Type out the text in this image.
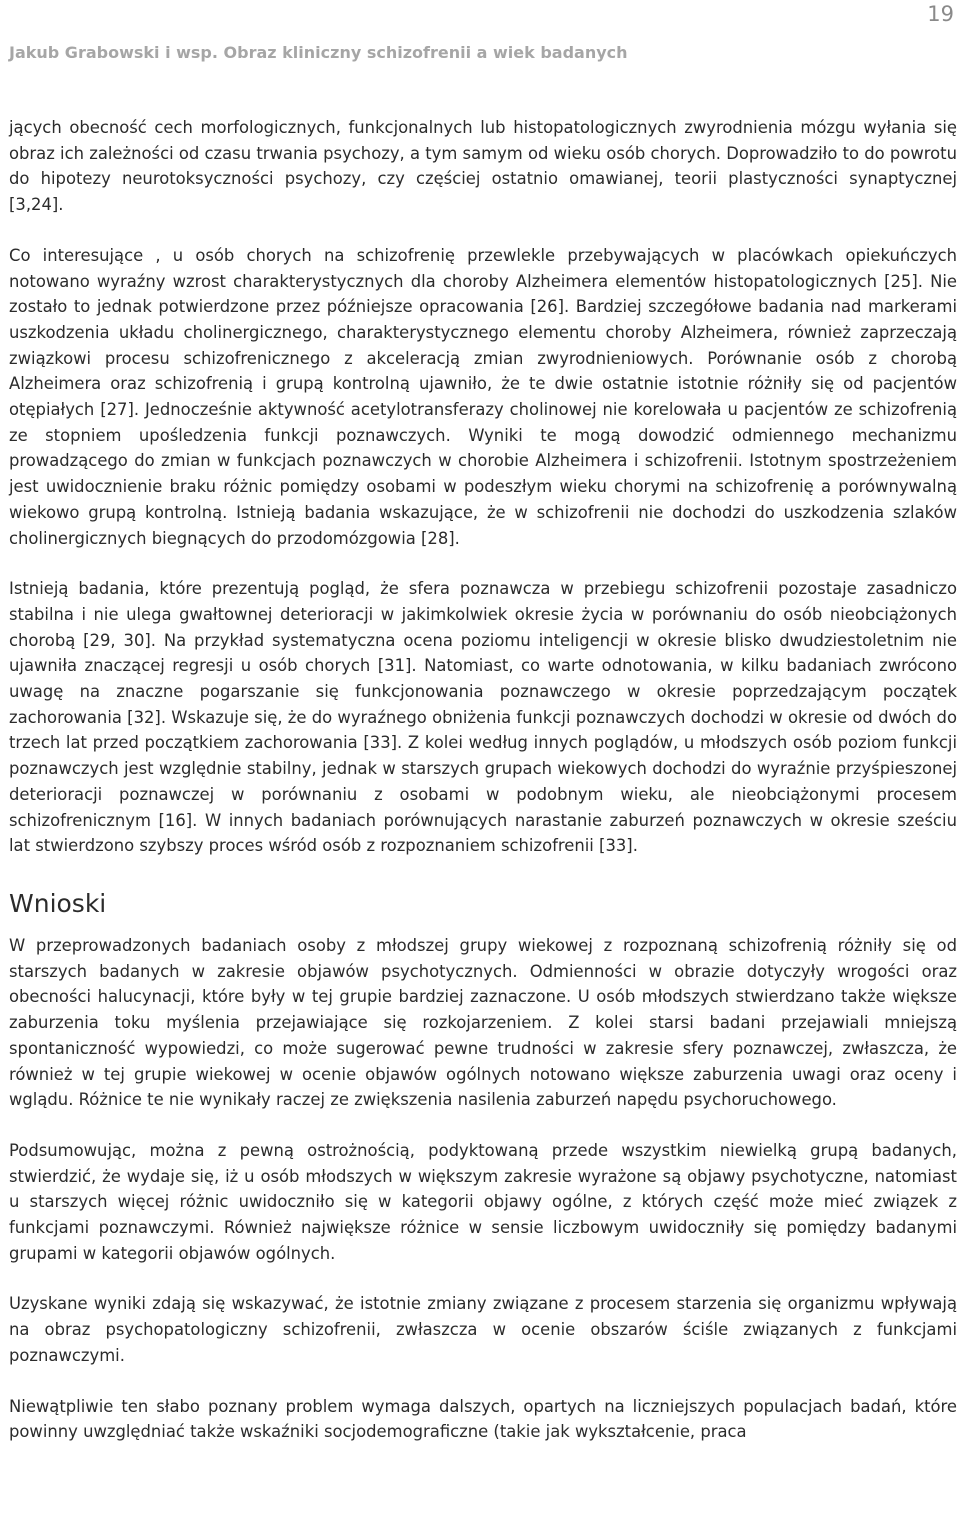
19
Jakub Grabowski i wsp. Obraz kliniczny schizofrenii a wiek badanych

jących obecność cech morfologicznych, funkcjonalnych lub histopatologicznych zwyrodnienia mózgu wyłania się obraz ich zależności od czasu trwania psychozy, a tym samym od wieku osób chorych. Doprowadziło to do powrotu do hipotezy neurotoksyczności psychozy, czy częściej ostatnio omawianej, teorii plastyczności synaptycznej [3,24].

Co interesujące , u osób chorych na schizofrenię przewlekle przebywających w placówkach opiekuńczych notowano wyraźny wzrost charakterystycznych dla choroby Alzheimera elementów histopatologicznych [25]. Nie zostało to jednak potwierdzone przez późniejsze opracowania [26]. Bardziej szczegółowe badania nad markerami uszkodzenia układu cholinergicznego, charakterystycznego elementu choroby Alzheimera, również zaprzeczają związkowi procesu schizofrenicznego z akceleracją zmian zwyrodnieniowych. Porównanie osób z chorobą Alzheimera oraz schizofrenią i grupą kontrolną ujawniło, że te dwie ostatnie istotnie różniły się od pacjentów otępiałych [27]. Jednocześnie aktywność acetylotransferazy cholinowej nie korelowała u pacjentów ze schizofrenią ze stopniem upośledzenia funkcji poznawczych. Wyniki te mogą dowodzić odmiennego mechanizmu prowadzącego do zmian w funkcjach poznawczych w chorobie Alzheimera i schizofrenii. Istotnym spostrzeżeniem jest uwidocznienie braku różnic pomiędzy osobami w podeszłym wieku chorymi na schizofrenię a porównywalną wiekowo grupą kontrolną. Istnieją badania wskazujące, że w schizofrenii nie dochodzi do uszkodzenia szlaków cholinergicznych biegnących do przodomózgowia [28].

Istnieją badania, które prezentują pogląd, że sfera poznawcza w przebiegu schizofrenii pozostaje zasadniczo stabilna i nie ulega gwałtownej deterioracji w jakimkolwiek okresie życia w porównaniu do osób nieobciążonych chorobą [29, 30]. Na przykład systematyczna ocena poziomu inteligencji w okresie blisko dwudziestoletnim nie ujawniła znaczącej regresji u osób chorych [31]. Natomiast, co warte odnotowania, w kilku badaniach zwrócono uwagę na znaczne pogarszanie się funkcjonowania poznawczego w okresie poprzedzającym początek zachorowania [32]. Wskazuje się, że do wyraźnego obniżenia funkcji poznawczych dochodzi w okresie od dwóch do trzech lat przed początkiem zachorowania [33]. Z kolei według innych poglądów, u młodszych osób poziom funkcji poznawczych jest względnie stabilny, jednak w starszych grupach wiekowych dochodzi do wyraźnie przyśpieszonej deterioracji poznawczej w porównaniu z osobami w podobnym wieku, ale nieobciążonymi procesem schizofrenicznym [16]. W innych badaniach porównujących narastanie zaburzeń poznawczych w okresie sześciu lat stwierdzono szybszy proces wśród osób z rozpoznaniem schizofrenii [33].

Wnioski

W przeprowadzonych badaniach osoby z młodszej grupy wiekowej z rozpoznaną schizofrenią różniły się od starszych badanych w zakresie objawów psychotycznych. Odmienności w obrazie dotyczyły wrogości oraz obecności halucynacji, które były w tej grupie bardziej zaznaczone. U osób młodszych stwierdzano także większe zaburzenia toku myślenia przejawiające się rozkojarzeniem. Z kolei starsi badani przejawiali mniejszą spontaniczność wypowiedzi, co może sugerować pewne trudności w zakresie sfery poznawczej, zwłaszcza, że również w tej grupie wiekowej w ocenie objawów ogólnych notowano większe zaburzenia uwagi oraz oceny i wglądu. Różnice te nie wynikały raczej ze zwiększenia nasilenia zaburzeń napędu psychoruchowego.

Podsumowując, można z pewną ostrożnością, podyktowaną przede wszystkim niewielką grupą badanych, stwierdzić, że wydaje się, iż u osób młodszych w większym zakresie wyrażone są objawy psychotyczne, natomiast u starszych więcej różnic uwidoczniło się w kategorii objawy ogólne, z których część może mieć związek z funkcjami poznawczymi. Również największe różnice w sensie liczbowym uwidoczniły się pomiędzy badanymi grupami w kategorii objawów ogólnych.

Uzyskane wyniki zdają się wskazywać, że istotnie zmiany związane z procesem starzenia się organizmu wpływają na obraz psychopatologiczny schizofrenii, zwłaszcza w ocenie obszarów ściśle związanych z funkcjami poznawczymi.

Niewątpliwie ten słabo poznany problem wymaga dalszych, opartych na liczniejszych populacjach badań, które powinny uwzględniać także wskaźniki socjodemograficzne (takie jak wykształcenie, praca
